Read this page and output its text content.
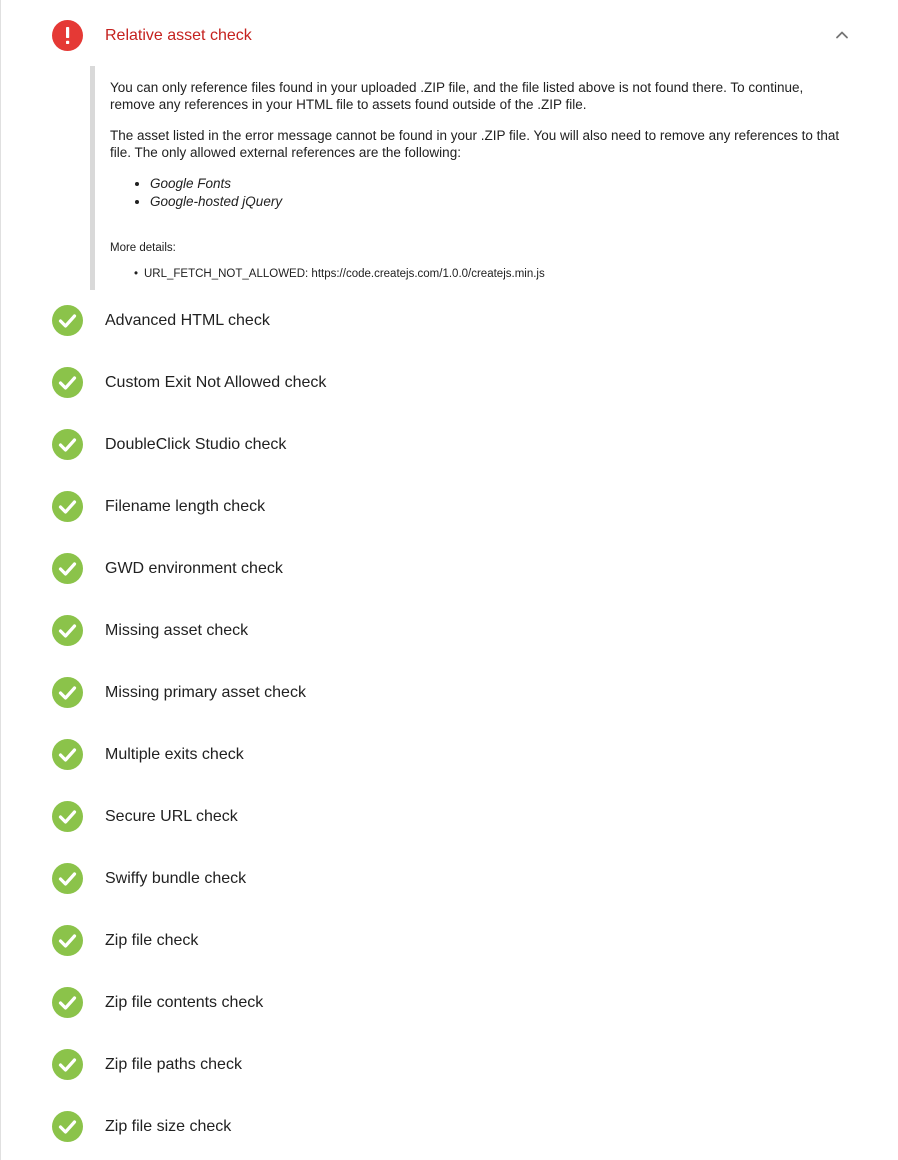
Relative asset check

You can only reference files found in your uploaded .ZIP file, and the file listed above is not found there. To continue, remove any references in your HTML file to assets found outside of the .ZIP file.

The asset listed in the error message cannot be found in your .ZIP file. You will also need to remove any references to that file. The only allowed external references are the following:

• Google Fonts
• Google-hosted jQuery
More details:
• URL_FETCH_NOT_ALLOWED: https://code.createjs.com/1.0.0/createjs.min.js
Advanced HTML check
Custom Exit Not Allowed check
DoubleClick Studio check
Filename length check
GWD environment check
Missing asset check
Missing primary asset check
Multiple exits check
Secure URL check
Swiffy bundle check
Zip file check
Zip file contents check
Zip file paths check
Zip file size check
